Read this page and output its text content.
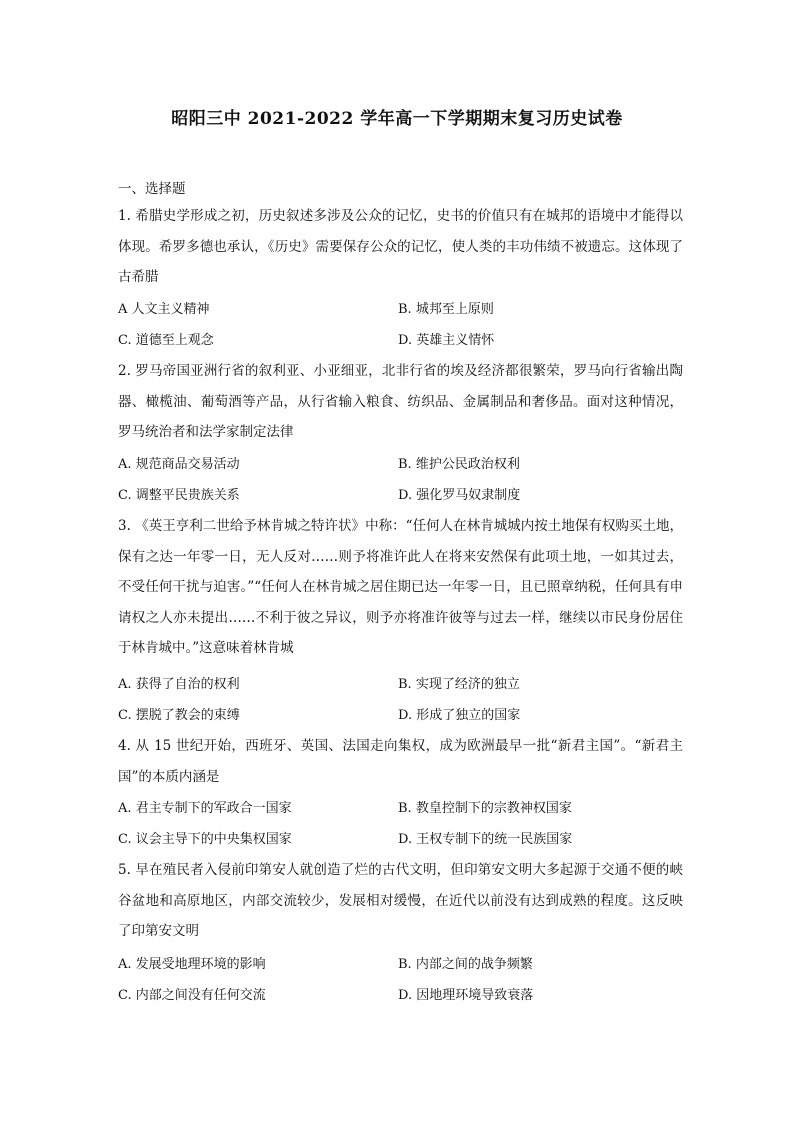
昭阳三中 2021-2022 学年高一下学期期末复习历史试卷
一、选择题
1. 希腊史学形成之初，历史叙述多涉及公众的记忆，史书的价值只有在城邦的语境中才能得以体现。希罗多德也承认，《历史》需要保存公众的记忆，使人类的丰功伟绩不被遗忘。这体现了古希腊
A 人文主义精神	B. 城邦至上原则
C. 道德至上观念	D. 英雄主义情怀
2. 罗马帝国亚洲行省的叙利亚、小亚细亚，北非行省的埃及经济都很繁荣，罗马向行省输出陶器、橄榄油、葡萄酒等产品，从行省输入粮食、纺织品、金属制品和奢侈品。面对这种情况，罗马统治者和法学家制定法律
A. 规范商品交易活动	B. 维护公民政治权利
C. 调整平民贵族关系	D. 强化罗马奴隶制度
3. 《英王亨利二世给予林肯城之特许状》中称：“任何人在林肯城城内按土地保有权购买土地，保有之达一年零一日，无人反对……则予将准许此人在将来安然保有此项土地，一如其过去，不受任何干扰与迫害。”“任何人在林肯城之居住期已达一年零一日，且已照章纳税，任何具有申请权之人亦未提出……不利于彼之异议，则予亦将准许彼等与过去一样，继续以市民身份居住于林肯城中。”这意味着林肯城
A. 获得了自治的权利	B. 实现了经济的独立
C. 摆脱了教会的束缚	D. 形成了独立的国家
4. 从 15 世纪开始，西班牙、英国、法国走向集权，成为欧洲最早一批“新君主国”。“新君主国”的本质内涵是
A. 君主专制下的军政合一国家	B. 教皇控制下的宗教神权国家
C. 议会主导下的中央集权国家	D. 王权专制下的统一民族国家
5. 早在殖民者入侵前印第安人就创造了烂的古代文明，但印第安文明大多起源于交通不便的峡谷盆地和高原地区，内部交流较少，发展相对缓慢，在近代以前没有达到成熟的程度。这反映了印第安文明
A. 发展受地理环境的影响	B. 内部之间的战争频繁
C. 内部之间没有任何交流	D. 因地理环境导致衰落
